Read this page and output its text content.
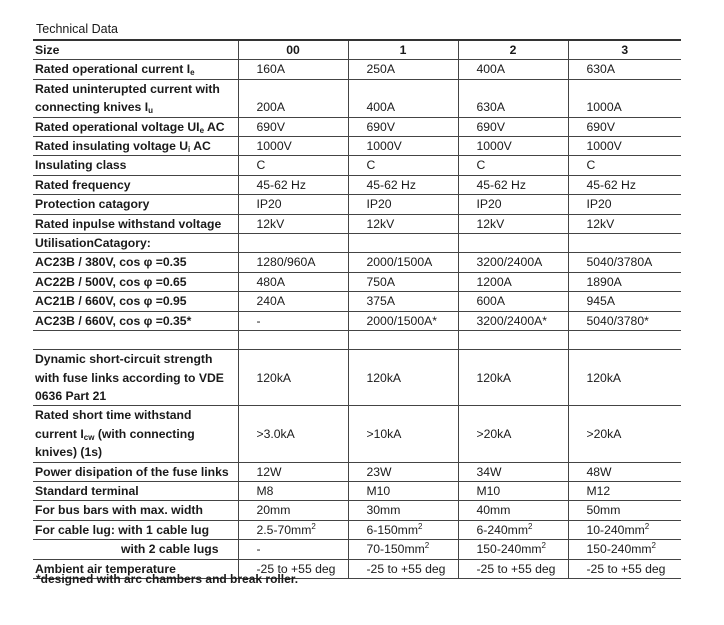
Technical Data
Size	00	1	2	3
Rated operational current $I_e$	160A	250A	400A	630A
Rated uninterupted current with
connecting knives $I_u$	200A	400A	630A	1000A
Rated operational voltage $UI_e$ AC	690V	690V	690V	690V
Rated insulating voltage $U_i$ AC	1000V	1000V	1000V	1000V
Insulating class	C	C	C	C
Rated frequency	45-62 Hz	45-62 Hz	45-62 Hz	45-62 Hz
Protection catagory	IP20	IP20	IP20	IP20
Rated inpulse withstand voltage	12kV	12kV	12kV	12kV
UtilisationCatagory:				
AC23B / 380V, cos φ =0.35	1280/960A	2000/1500A	3200/2400A	5040/3780A
AC22B / 500V, cos φ =0.65	480A	750A	1200A	1890A
AC21B / 660V, cos φ =0.95	240A	375A	600A	945A
AC23B / 660V, cos φ =0.35*	-	2000/1500A*	3200/2400A*	5040/3780*

Dynamic short-circuit strength
with fuse links according to VDE
0636 Part 21	120kA	120kA	120kA	120kA
Rated short time withstand
current $I_{cw}$ (with connecting
knives) (1s)	>3.0kA	>10kA	>20kA	>20kA
Power disipation of the fuse links	12W	23W	34W	48W
Standard terminal	M8	M10	M10	M12
For bus bars with max. width	20mm	30mm	40mm	50mm
For cable lug: with 1 cable lug	$2.5-70mm^2$	$6-150mm^2$	$6-240mm^2$	$10-240mm^2$
with 2 cable lugs	-	$70-150mm^2$	$150-240mm^2$	$150-240mm^2$
Ambient air temperature	-25 to +55 deg	-25 to +55 deg	-25 to +55 deg	-25 to +55 deg
*designed with arc chambers and break roller.
